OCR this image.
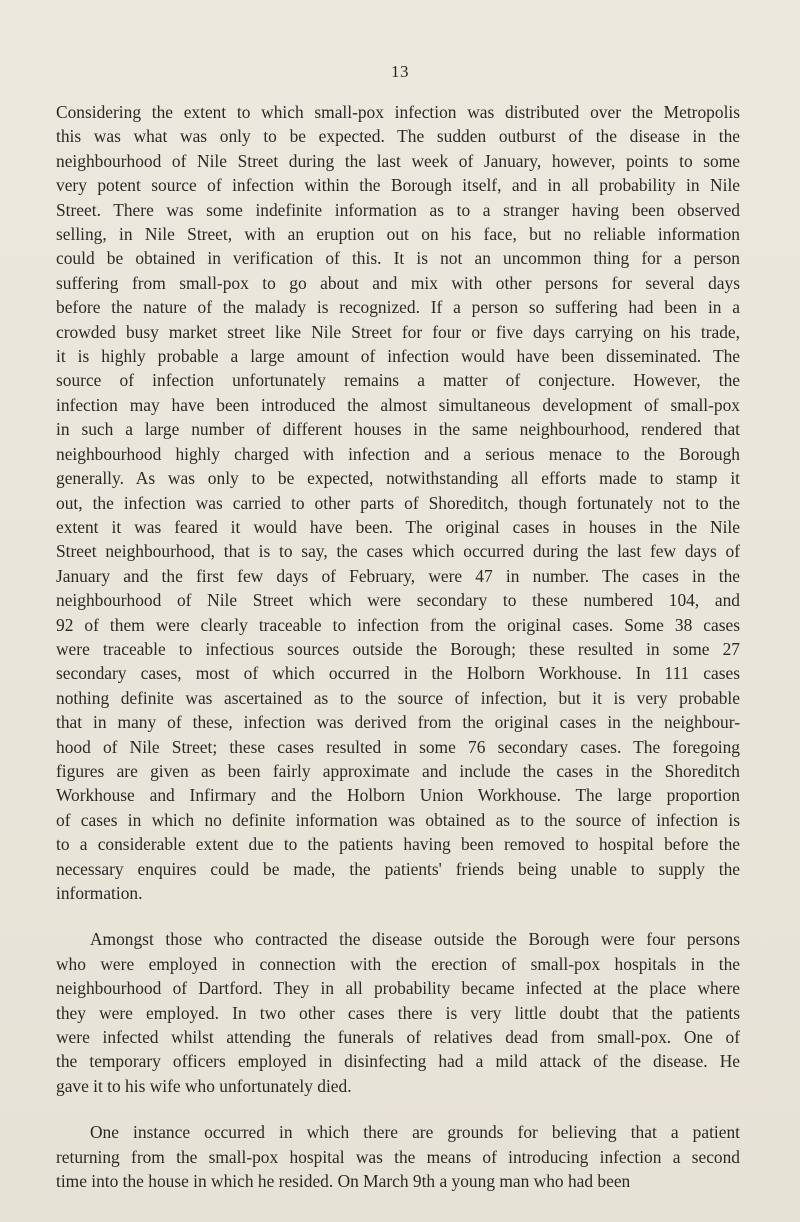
13

Considering the extent to which small-pox infection was distributed over the Metropolis
this was what was only to be expected. The sudden outburst of the disease in the
neighbourhood of Nile Street during the last week of January, however, points to some
very potent source of infection within the Borough itself, and in all probability in Nile
Street. There was some indefinite information as to a stranger having been observed
selling, in Nile Street, with an eruption out on his face, but no reliable information
could be obtained in verification of this. It is not an uncommon thing for a person
suffering from small-pox to go about and mix with other persons for several days
before the nature of the malady is recognized. If a person so suffering had been in a
crowded busy market street like Nile Street for four or five days carrying on his trade,
it is highly probable a large amount of infection would have been disseminated. The
source of infection unfortunately remains a matter of conjecture. However, the
infection may have been introduced the almost simultaneous development of small-pox
in such a large number of different houses in the same neighbourhood, rendered that
neighbourhood highly charged with infection and a serious menace to the Borough
generally. As was only to be expected, notwithstanding all efforts made to stamp it
out, the infection was carried to other parts of Shoreditch, though fortunately not to the
extent it was feared it would have been. The original cases in houses in the Nile
Street neighbourhood, that is to say, the cases which occurred during the last few days of
January and the first few days of February, were 47 in number. The cases in the
neighbourhood of Nile Street which were secondary to these numbered 104, and
92 of them were clearly traceable to infection from the original cases. Some 38 cases
were traceable to infectious sources outside the Borough; these resulted in some 27
secondary cases, most of which occurred in the Holborn Workhouse. In 111 cases
nothing definite was ascertained as to the source of infection, but it is very probable
that in many of these, infection was derived from the original cases in the neighbour-
hood of Nile Street; these cases resulted in some 76 secondary cases. The foregoing
figures are given as been fairly approximate and include the cases in the Shoreditch
Workhouse and Infirmary and the Holborn Union Workhouse. The large proportion
of cases in which no definite information was obtained as to the source of infection is
to a considerable extent due to the patients having been removed to hospital before the
necessary enquires could be made, the patients' friends being unable to supply the
information.

Amongst those who contracted the disease outside the Borough were four persons
who were employed in connection with the erection of small-pox hospitals in the
neighbourhood of Dartford. They in all probability became infected at the place where
they were employed. In two other cases there is very little doubt that the patients
were infected whilst attending the funerals of relatives dead from small-pox. One of
the temporary officers employed in disinfecting had a mild attack of the disease. He
gave it to his wife who unfortunately died.

One instance occurred in which there are grounds for believing that a patient
returning from the small-pox hospital was the means of introducing infection a second
time into the house in which he resided. On March 9th a young man who had been
